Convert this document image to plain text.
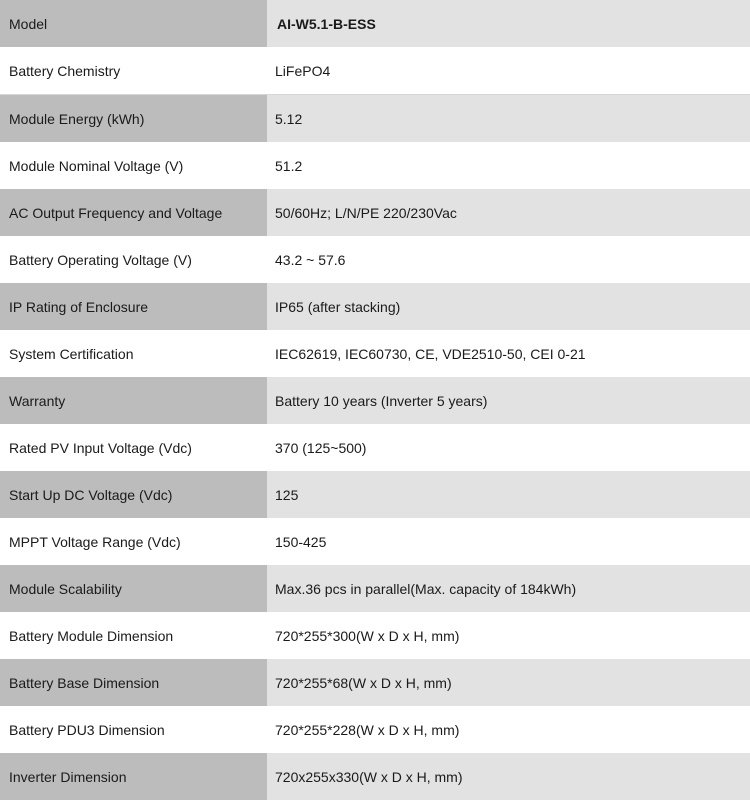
Model	AI-W5.1-B-ESS
Battery Chemistry	LiFePO4
Module Energy (kWh)	5.12
Module Nominal Voltage (V)	51.2
AC Output Frequency and Voltage	50/60Hz; L/N/PE 220/230Vac
Battery Operating Voltage (V)	43.2 ~ 57.6
IP Rating of Enclosure	IP65 (after stacking)
System Certification	IEC62619, IEC60730, CE, VDE2510-50, CEI 0-21
Warranty	Battery 10 years (Inverter 5 years)
Rated PV Input Voltage (Vdc)	370 (125~500)
Start Up DC Voltage (Vdc)	125
MPPT Voltage Range (Vdc)	150-425
Module Scalability	Max.36 pcs in parallel(Max. capacity of 184kWh)
Battery Module Dimension	720*255*300(W x D x H, mm)
Battery Base Dimension	720*255*68(W x D x H, mm)
Battery PDU3 Dimension	720*255*228(W x D x H, mm)
Inverter Dimension	720x255x330(W x D x H, mm)
